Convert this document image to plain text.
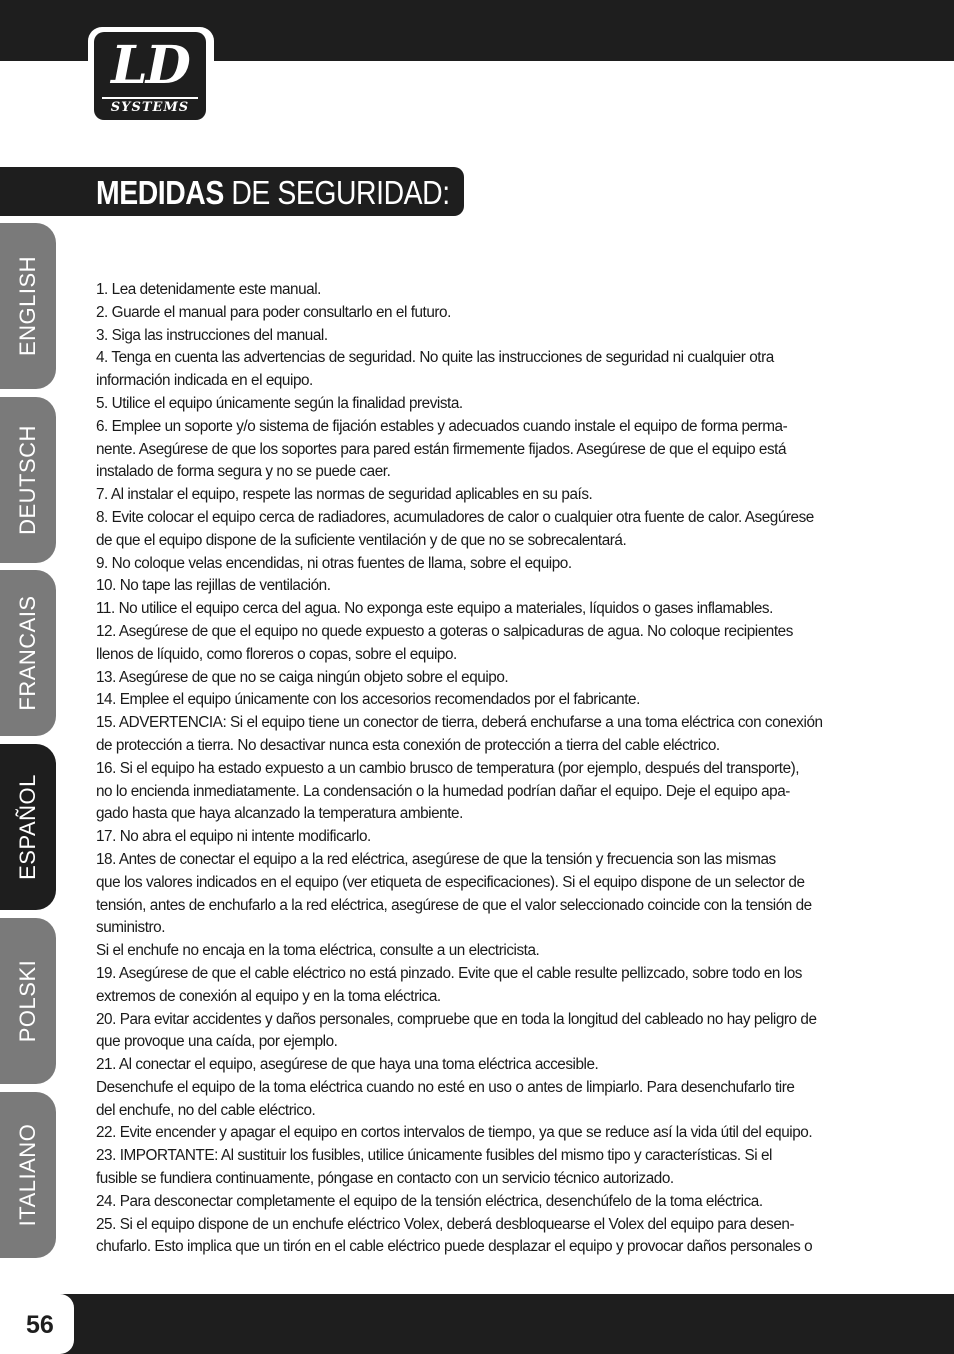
LD
SYSTEMS
MEDIDAS DE SEGURIDAD:
ENGLISH
DEUTSCH
FRANCAIS
ESPAÑOL
POLSKI
ITALIANO
1. Lea detenidamente este manual.
2. Guarde el manual para poder consultarlo en el futuro.
3. Siga las instrucciones del manual.
4. Tenga en cuenta las advertencias de seguridad. No quite las instrucciones de seguridad ni cualquier otra
información indicada en el equipo.
5. Utilice el equipo únicamente según la finalidad prevista.
6. Emplee un soporte y/o sistema de fijación estables y adecuados cuando instale el equipo de forma perma-
nente. Asegúrese de que los soportes para pared están firmemente fijados. Asegúrese de que el equipo está
instalado de forma segura y no se puede caer.
7. Al instalar el equipo, respete las normas de seguridad aplicables en su país.
8. Evite colocar el equipo cerca de radiadores, acumuladores de calor o cualquier otra fuente de calor. Asegúrese
de que el equipo dispone de la suficiente ventilación y de que no se sobrecalentará.
9. No coloque velas encendidas, ni otras fuentes de llama, sobre el equipo.
10. No tape las rejillas de ventilación.
11. No utilice el equipo cerca del agua. No exponga este equipo a materiales, líquidos o gases inflamables.
12. Asegúrese de que el equipo no quede expuesto a goteras o salpicaduras de agua. No coloque recipientes
llenos de líquido, como floreros o copas, sobre el equipo.
13. Asegúrese de que no se caiga ningún objeto sobre el equipo.
14. Emplee el equipo únicamente con los accesorios recomendados por el fabricante.
15. ADVERTENCIA: Si el equipo tiene un conector de tierra, deberá enchufarse a una toma eléctrica con conexión
de protección a tierra. No desactivar nunca esta conexión de protección a tierra del cable eléctrico.
16. Si el equipo ha estado expuesto a un cambio brusco de temperatura (por ejemplo, después del transporte),
no lo encienda inmediatamente. La condensación o la humedad podrían dañar el equipo. Deje el equipo apa-
gado hasta que haya alcanzado la temperatura ambiente.
17. No abra el equipo ni intente modificarlo.
18. Antes de conectar el equipo a la red eléctrica, asegúrese de que la tensión y frecuencia son las mismas
que los valores indicados en el equipo (ver etiqueta de especificaciones). Si el equipo dispone de un selector de
tensión, antes de enchufarlo a la red eléctrica, asegúrese de que el valor seleccionado coincide con la tensión de
suministro.
Si el enchufe no encaja en la toma eléctrica, consulte a un electricista.
19. Asegúrese de que el cable eléctrico no está pinzado. Evite que el cable resulte pellizcado, sobre todo en los
extremos de conexión al equipo y en la toma eléctrica.
20. Para evitar accidentes y daños personales, compruebe que en toda la longitud del cableado no hay peligro de
que provoque una caída, por ejemplo.
21. Al conectar el equipo, asegúrese de que haya una toma eléctrica accesible.
Desenchufe el equipo de la toma eléctrica cuando no esté en uso o antes de limpiarlo. Para desenchufarlo tire
del enchufe, no del cable eléctrico.
22. Evite encender y apagar el equipo en cortos intervalos de tiempo, ya que se reduce así la vida útil del equipo.
23. IMPORTANTE: Al sustituir los fusibles, utilice únicamente fusibles del mismo tipo y características. Si el
fusible se fundiera continuamente, póngase en contacto con un servicio técnico autorizado.
24. Para desconectar completamente el equipo de la tensión eléctrica, desenchúfelo de la toma eléctrica.
25. Si el equipo dispone de un enchufe eléctrico Volex, deberá desbloquearse el Volex del equipo para desen-
chufarlo. Esto implica que un tirón en el cable eléctrico puede desplazar el equipo y provocar daños personales o
56
